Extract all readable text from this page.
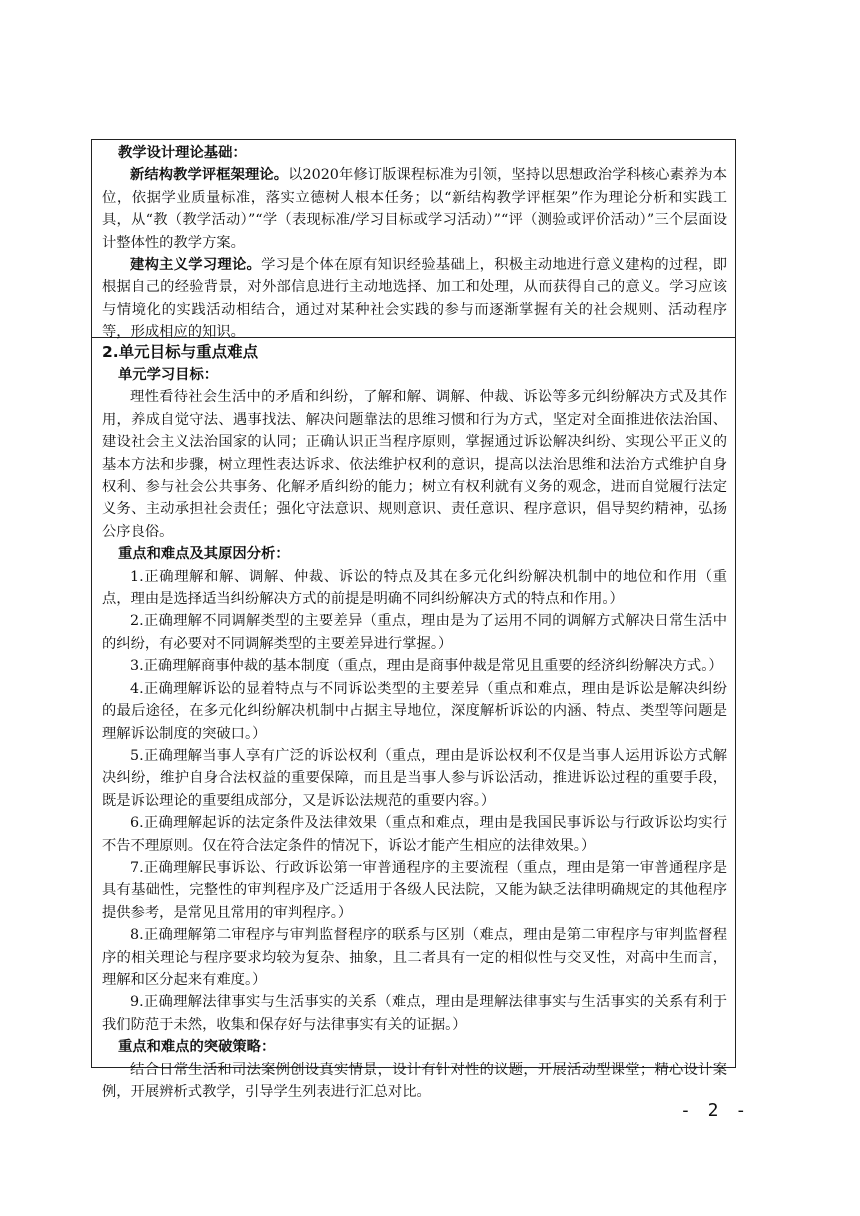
教学设计理论基础：

新结构教学评框架理论。以2020年修订版课程标准为引领，坚持以思想政治学科核心素养为本位，依据学业质量标准，落实立德树人根本任务；以“新结构教学评框架”作为理论分析和实践工具，从“教（教学活动）”“学（表现标准/学习目标或学习活动）”“评（测验或评价活动）”三个层面设计整体性的教学方案。

建构主义学习理论。学习是个体在原有知识经验基础上，积极主动地进行意义建构的过程，即根据自己的经验背景，对外部信息进行主动地选择、加工和处理，从而获得自己的意义。学习应该与情境化的实践活动相结合，通过对某种社会实践的参与而逐渐掌握有关的社会规则、活动程序等，形成相应的知识。

2.单元目标与重点难点
单元学习目标：

理性看待社会生活中的矛盾和纠纷，了解和解、调解、仲裁、诉讼等多元纠纷解决方式及其作用，养成自觉守法、遇事找法、解决问题靠法的思维习惯和行为方式，坚定对全面推进依法治国、建设社会主义法治国家的认同；正确认识正当程序原则，掌握通过诉讼解决纠纷、实现公平正义的基本方法和步骤，树立理性表达诉求、依法维护权利的意识，提高以法治思维和法治方式维护自身权利、参与社会公共事务、化解矛盾纠纷的能力；树立有权利就有义务的观念，进而自觉履行法定义务、主动承担社会责任；强化守法意识、规则意识、责任意识、程序意识，倡导契约精神，弘扬公序良俗。

重点和难点及其原因分析：

1.正确理解和解、调解、仲裁、诉讼的特点及其在多元化纠纷解决机制中的地位和作用（重点，理由是选择适当纠纷解决方式的前提是明确不同纠纷解决方式的特点和作用。）

2.正确理解不同调解类型的主要差异（重点，理由是为了运用不同的调解方式解决日常生活中的纠纷，有必要对不同调解类型的主要差异进行掌握。）

3.正确理解商事仲裁的基本制度（重点，理由是商事仲裁是常见且重要的经济纠纷解决方式。）

4.正确理解诉讼的显着特点与不同诉讼类型的主要差异（重点和难点，理由是诉讼是解决纠纷的最后途径，在多元化纠纷解决机制中占据主导地位，深度解析诉讼的内涵、特点、类型等问题是理解诉讼制度的突破口。）

5.正确理解当事人享有广泛的诉讼权利（重点，理由是诉讼权利不仅是当事人运用诉讼方式解决纠纷，维护自身合法权益的重要保障，而且是当事人参与诉讼活动，推进诉讼过程的重要手段，既是诉讼理论的重要组成部分，又是诉讼法规范的重要内容。）

6.正确理解起诉的法定条件及法律效果（重点和难点，理由是我国民事诉讼与行政诉讼均实行不告不理原则。仅在符合法定条件的情况下，诉讼才能产生相应的法律效果。）

7.正确理解民事诉讼、行政诉讼第一审普通程序的主要流程（重点，理由是第一审普通程序是具有基础性，完整性的审判程序及广泛适用于各级人民法院，又能为缺乏法律明确规定的其他程序提供参考，是常见且常用的审判程序。）

8.正确理解第二审程序与审判监督程序的联系与区别（难点，理由是第二审程序与审判监督程序的相关理论与程序要求均较为复杂、抽象，且二者具有一定的相似性与交叉性，对高中生而言，理解和区分起来有难度。）

9.正确理解法律事实与生活事实的关系（难点，理由是理解法律事实与生活事实的关系有利于我们防范于未然，收集和保存好与法律事实有关的证据。）

重点和难点的突破策略：

结合日常生活和司法案例创设真实情景，设计有针对性的议题，开展活动型课堂；精心设计案例，开展辨析式教学，引导学生列表进行汇总对比。

- 2 -
